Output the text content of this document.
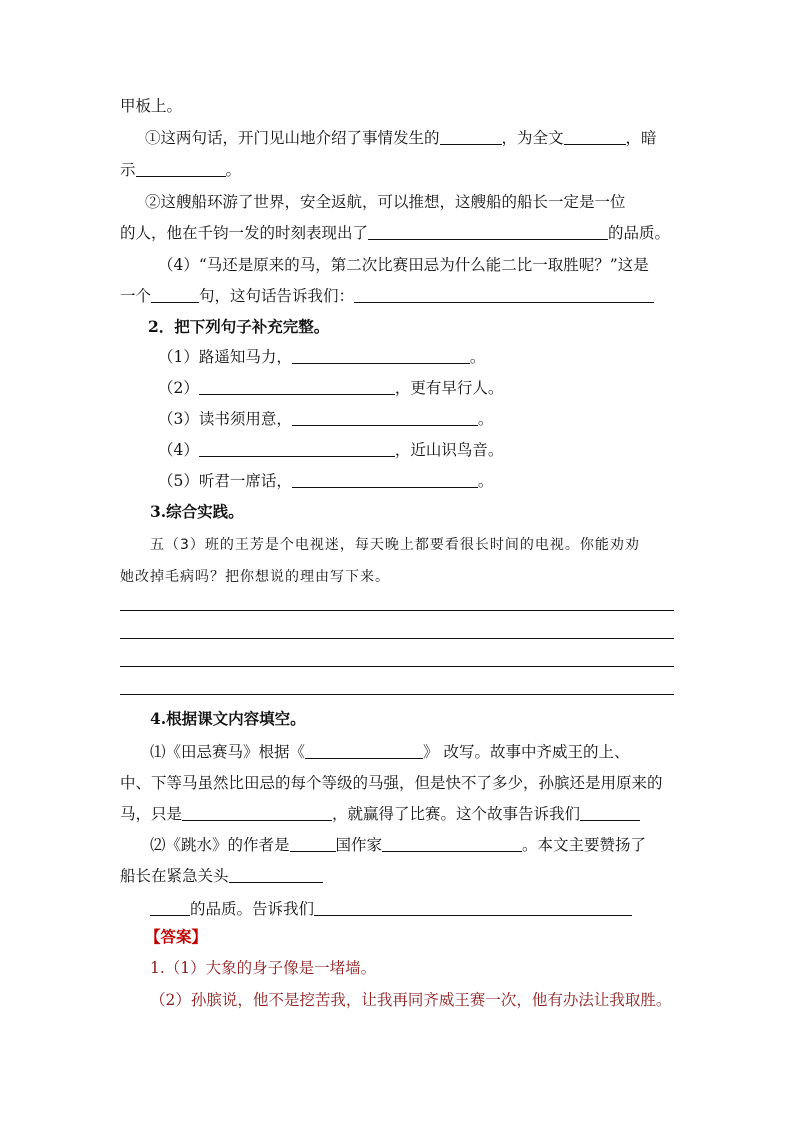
甲板上。
①这两句话，开门见山地介绍了事情发生的	，为全文	，暗
示	。
②这艘船环游了世界，安全返航，可以推想，这艘船的船长一定是一位
的人，他在千钧一发的时刻表现出了	的品质。
（4）“马还是原来的马，第二次比赛田忌为什么能二比一取胜呢？”这是
一个	句，这句话告诉我们：
2．把下列句子补充完整。
（1）路遥知马力，	。
（2）	，更有早行人。
（3）读书须用意，	。
（4）	，近山识鸟音。
（5）听君一席话，	。
3.综合实践。
五（3）班的王芳是个电视迷，每天晚上都要看很长时间的电视。你能劝劝
她改掉毛病吗？把你想说的理由写下来。
4.根据课文内容填空。
⑴《田忌赛马》根据《	》 改写。故事中齐威王的上、
中、下等马虽然比田忌的每个等级的马强，但是快不了多少，孙膑还是用原来的
马，只是	，就赢得了比赛。这个故事告诉我们
⑵《跳水》的作者是	国作家	。本文主要赞扬了
船长在紧急关头
的品质。告诉我们
【答案】
1.（1）大象的身子像是一堵墙。
（2）孙膑说，他不是挖苦我，让我再同齐威王赛一次，他有办法让我取胜。
